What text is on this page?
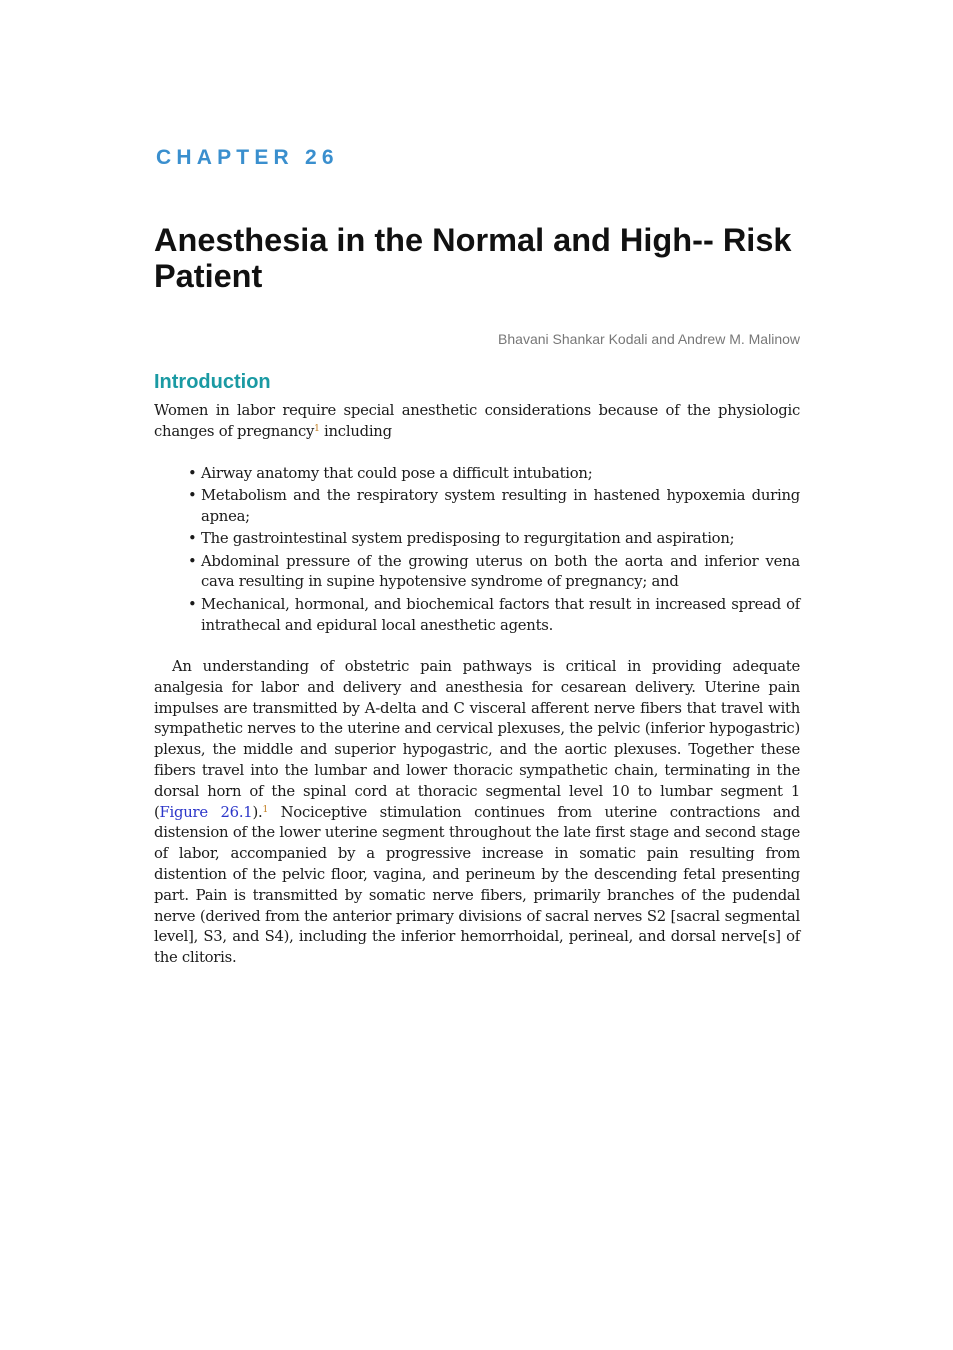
CHAPTER 26

Anesthesia in the Normal and High-- Risk Patient

Bhavani Shankar Kodali and Andrew M. Malinow

Introduction

Women in labor require special anesthetic considerations because of the physiologic changes of pregnancy$^1$ including

• Airway anatomy that could pose a difficult intubation;
• Metabolism and the respiratory system resulting in hastened hypoxemia during apnea;
• The gastrointestinal system predisposing to regurgitation and aspiration;
• Abdominal pressure of the growing uterus on both the aorta and inferior vena cava resulting in supine hypotensive syndrome of pregnancy; and
• Mechanical, hormonal, and biochemical factors that result in increased spread of intrathecal and epidural local anesthetic agents.

An understanding of obstetric pain pathways is critical in providing adequate analgesia for labor and delivery and anesthesia for cesarean delivery. Uterine pain impulses are transmitted by A-delta and C visceral afferent nerve fibers that travel with sympathetic nerves to the uterine and cervical plexuses, the pelvic (inferior hypogastric) plexus, the middle and superior hypogastric, and the aortic plexuses. Together these fibers travel into the lumbar and lower thoracic sympathetic chain, terminating in the dorsal horn of the spinal cord at thoracic segmental level 10 to lumbar segment 1 (Figure 26.1).$^1$ Nociceptive stimulation continues from uterine contractions and distension of the lower uterine segment throughout the late first stage and second stage of labor, accompanied by a progressive increase in somatic pain resulting from distention of the pelvic floor, vagina, and perineum by the descending fetal presenting part. Pain is transmitted by somatic nerve fibers, primarily branches of the pudendal nerve (derived from the anterior primary divisions of sacral nerves S2 [sacral segmental level], S3, and S4), including the inferior hemorrhoidal, perineal, and dorsal nerve[s] of the clitoris.
